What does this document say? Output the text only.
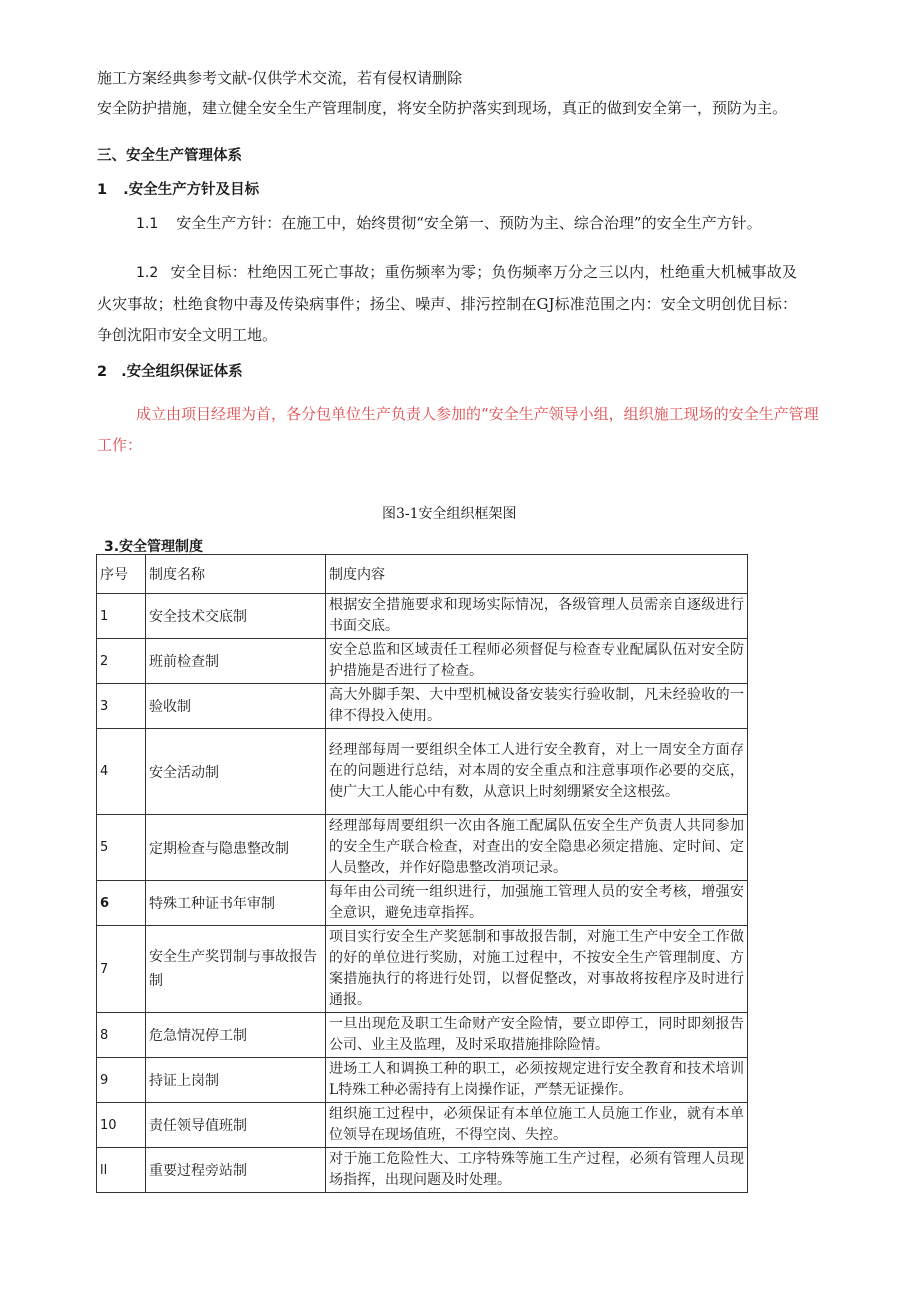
施工方案经典参考文献-仅供学术交流，若有侵权请删除
安全防护措施，建立健全安全生产管理制度，将安全防护落实到现场，真正的做到安全第一，预防为主。
三、安全生产管理体系
1 .安全生产方针及目标
1.1 安全生产方针：在施工中，始终贯彻“安全第一、预防为主、综合治理”的安全生产方针。
1.2 安全目标：杜绝因工死亡事故；重伤频率为零；负伤频率万分之三以内，杜绝重大机械事故及火灾事故；杜绝食物中毒及传染病事件；扬尘、噪声、排污控制在GJ标准范围之内：安全文明创优目标：争创沈阳市安全文明工地。
2 .安全组织保证体系
成立由项目经理为首，各分包单位生产负责人参加的“安全生产领导小组，组织施工现场的安全生产管理工作：
图3-1安全组织框架图
3.安全管理制度
序号	制度名称	制度内容
1	安全技术交底制	根据安全措施要求和现场实际情况，各级管理人员需亲自逐级进行书面交底。
2	班前检查制	安全总监和区域责任工程师必须督促与检查专业配属队伍对安全防护措施是否进行了检查。
3	验收制	高大外脚手架、大中型机械设备安装实行验收制，凡未经验收的一律不得投入使用。
4	安全活动制	经理部每周一要组织全体工人进行安全教育，对上一周安全方面存在的问题进行总结，对本周的安全重点和注意事项作必要的交底，使广大工人能心中有数，从意识上时刻绷紧安全这根弦。
5	定期检查与隐患整改制	经理部每周要组织一次由各施工配属队伍安全生产负责人共同参加的安全生产联合检查，对查出的安全隐患必须定措施、定时间、定人员整改，并作好隐患整改消项记录。
6	特殊工种证书年审制	每年由公司统一组织进行，加强施工管理人员的安全考核，增强安全意识，避免违章指挥。
7	安全生产奖罚制与事故报告制	项目实行安全生产奖惩制和事故报告制，对施工生产中安全工作做的好的单位进行奖励，对施工过程中，不按安全生产管理制度、方案措施执行的将进行处罚，以督促整改，对事故将按程序及时进行通报。
8	危急情况停工制	一旦出现危及职工生命财产安全险情，要立即停工，同时即刻报告公司、业主及监理，及时采取措施排除险情。
9	持证上岗制	进场工人和调换工种的职工，必须按规定进行安全教育和技术培训L特殊工种必需持有上岗操作证，严禁无证操作。
10	责任领导值班制	组织施工过程中，必须保证有本单位施工人员施工作业，就有本单位领导在现场值班，不得空岗、失控。
ll	重要过程旁站制	对于施工危险性大、工序特殊等施工生产过程，必须有管理人员现场指挥，出现问题及时处理。
